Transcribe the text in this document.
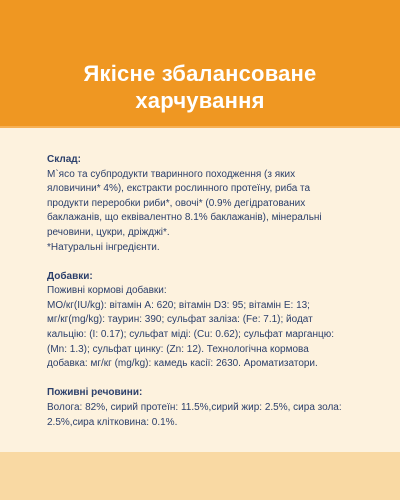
Якісне збалансоване
харчування
Склад:
М`ясо та субпродукти тваринного походження (з яких
яловичини* 4%), екстракти рослинного протеїну, риба та
продукти переробки риби*, овочі* (0.9% дегідратованих
баклажанів, що еквівалентно 8.1% баклажанів), мінеральні
речовини, цукри, дріжджі*.
*Натуральні інгредієнти.
Добавки:
Поживні кормові добавки:
МО/кг(IU/kg): вітамін А: 620; вітамін D3: 95; вітамін Е: 13;
мг/кг(mg/kg): таурин: 390; сульфат заліза: (Fe: 7.1); йодат
кальцію: (I: 0.17); сульфат міді: (Cu: 0.62); сульфат марганцю:
(Mn: 1.3); сульфат цинку: (Zn: 12). Технологічна кормова
добавка: мг/кг (mg/kg): камедь касії: 2630. Ароматизатори.
Поживні речовини:
Волога: 82%, сирий протеїн: 11.5%,сирий жир: 2.5%, сира зола:
2.5%,сира клітковина: 0.1%.
